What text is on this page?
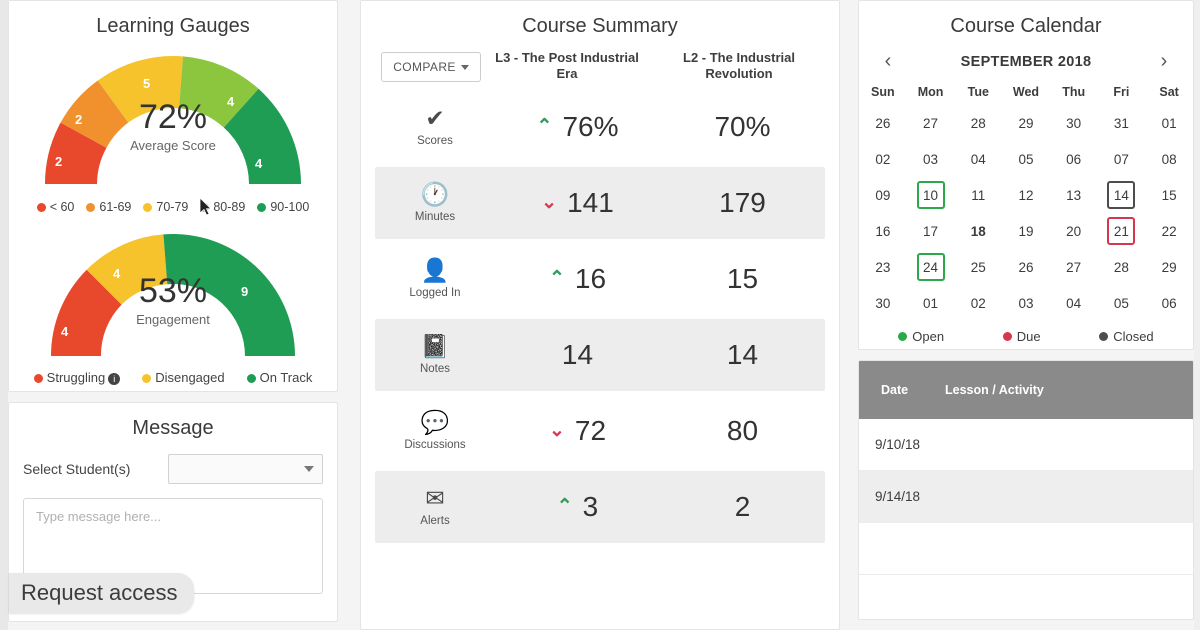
Learning Gauges
2
2
5
4
4
72%
Average Score
< 60	61-69	70-79	80-89	90-100
4
4
9
53%
Engagement
Struggling i	Disengaged	On Track
Message
Select Student(s)
Type message here...
Request access
Course Summary
COMPARE
L3 - The Post Industrial Era
L2 - The Industrial Revolution
✔
Scores
⌃ 76%	70%
🕐
Minutes
⌄ 141	179
👤
Logged In
⌃ 16	15
📓
Notes	14	14
💬
Discussions
⌄ 72	80
✉
Alerts
⌃ 3	2
Course Calendar
‹	SEPTEMBER 2018	›
Sun	Mon	Tue	Wed	Thu	Fri	Sat
26	27	28	29	30	31	01
02	03	04	05	06	07	08
09	10	11	12	13	14	15
16	17	18	19	20	21	22
23	24	25	26	27	28	29
30	01	02	03	04	05	06
Open	Due	Closed
Date	Lesson / Activity
9/10/18
9/14/18
